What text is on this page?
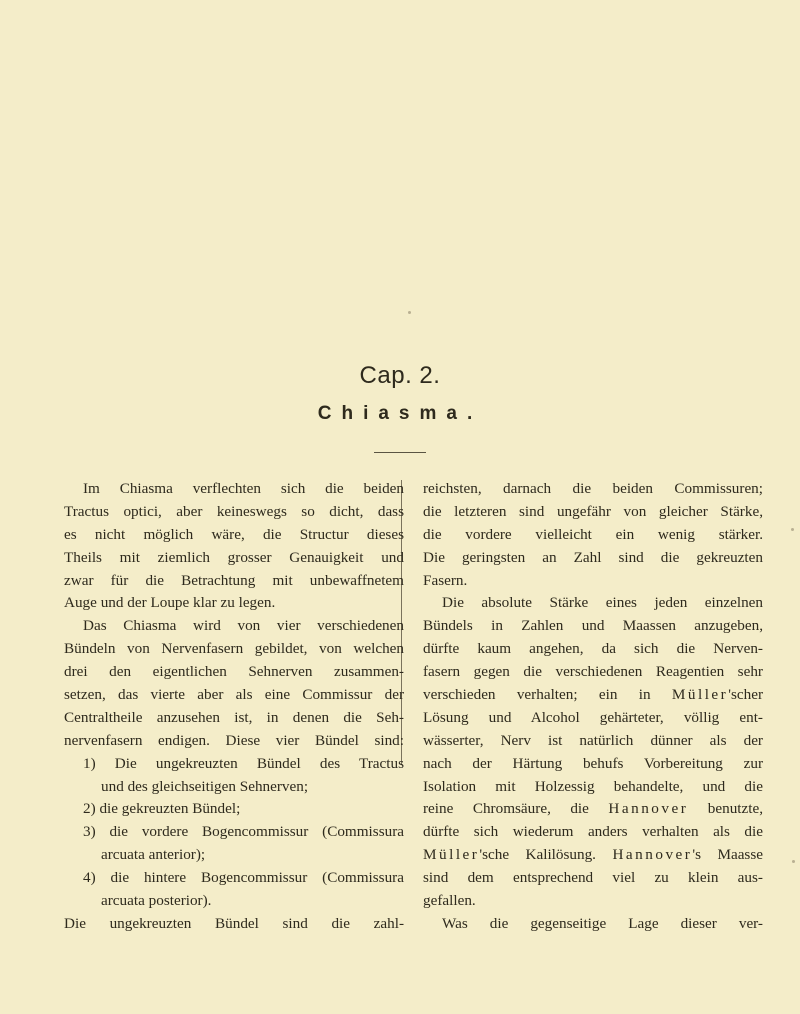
Cap. 2.
Chiasma.
Im Chiasma verflechten sich die beiden
Tractus optici, aber keineswegs so dicht, dass
es nicht möglich wäre, die Structur dieses
Theils mit ziemlich grosser Genauigkeit und
zwar für die Betrachtung mit unbewaffnetem
Auge und der Loupe klar zu legen.
Das Chiasma wird von vier verschiedenen
Bündeln von Nervenfasern gebildet, von welchen
drei den eigentlichen Sehnerven zusammen-
setzen, das vierte aber als eine Commissur der
Centraltheile anzusehen ist, in denen die Seh-
nervenfasern endigen. Diese vier Bündel sind:
1) Die ungekreuzten Bündel des Tractus
und des gleichseitigen Sehnerven;
2) die gekreuzten Bündel;
3) die vordere Bogencommissur (Commissura
arcuata anterior);
4) die hintere Bogencommissur (Commissura
arcuata posterior).
Die ungekreuzten Bündel sind die zahl-
reichsten, darnach die beiden Commissuren;
die letzteren sind ungefähr von gleicher Stärke,
die vordere vielleicht ein wenig stärker.
Die geringsten an Zahl sind die gekreuzten
Fasern.
Die absolute Stärke eines jeden einzelnen
Bündels in Zahlen und Maassen anzugeben,
dürfte kaum angehen, da sich die Nerven-
fasern gegen die verschiedenen Reagentien sehr
verschieden verhalten; ein in Müller'scher
Lösung und Alcohol gehärteter, völlig ent-
wässerter, Nerv ist natürlich dünner als der
nach der Härtung behufs Vorbereitung zur
Isolation mit Holzessig behandelte, und die
reine Chromsäure, die Hannover benutzte,
dürfte sich wiederum anders verhalten als die
Müller'sche Kalilösung. Hannover's Maasse
sind dem entsprechend viel zu klein aus-
gefallen.
Was die gegenseitige Lage dieser ver-
